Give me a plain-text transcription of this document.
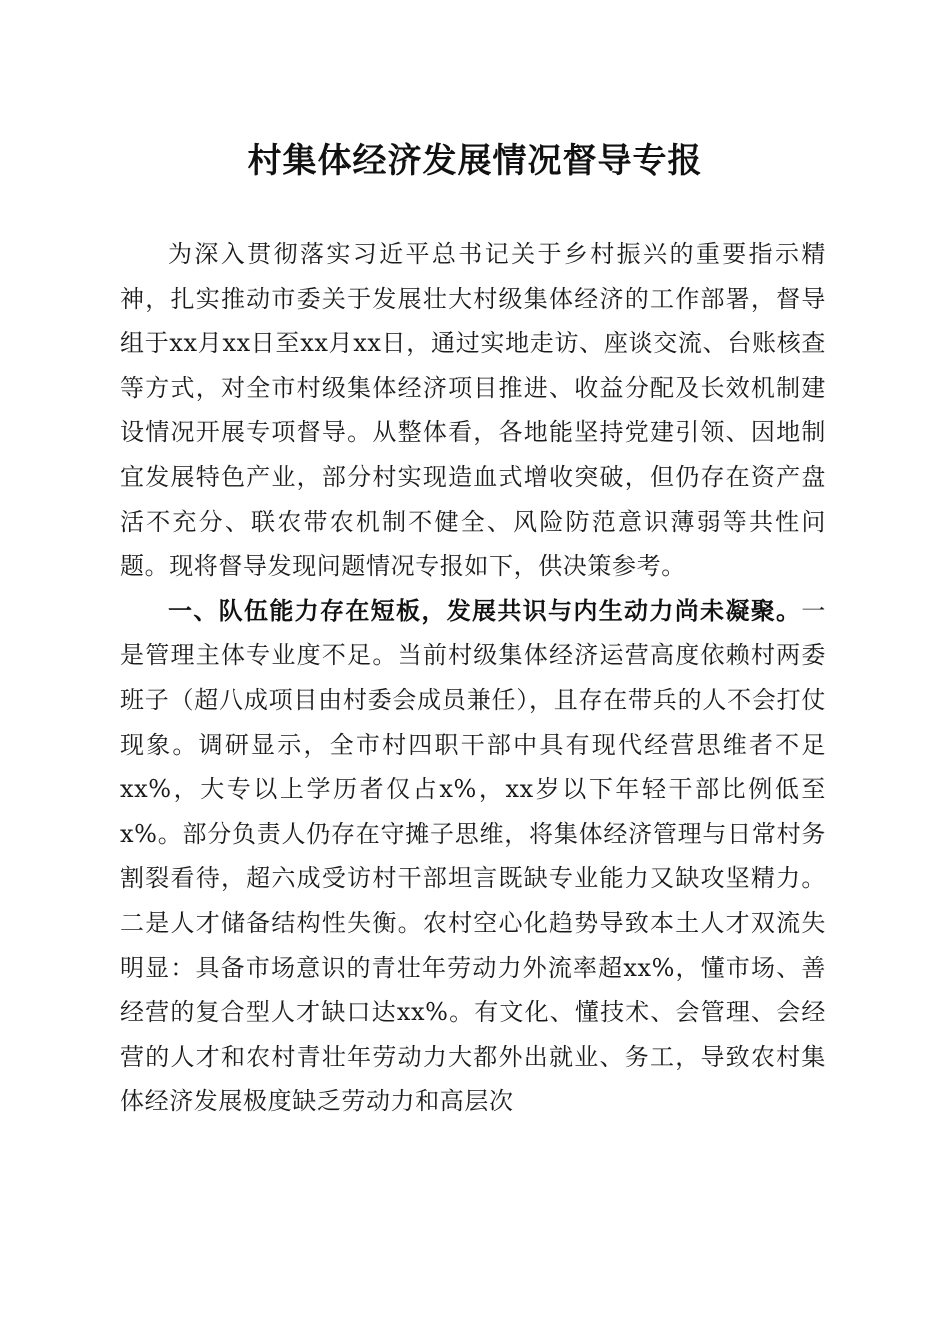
村集体经济发展情况督导专报

为深入贯彻落实习近平总书记关于乡村振兴的重要指示精神，扎实推动市委关于发展壮大村级集体经济的工作部署，督导组于xx月xx日至xx月xx日，通过实地走访、座谈交流、台账核查等方式，对全市村级集体经济项目推进、收益分配及长效机制建设情况开展专项督导。从整体看，各地能坚持党建引领、因地制宜发展特色产业，部分村实现造血式增收突破，但仍存在资产盘活不充分、联农带农机制不健全、风险防范意识薄弱等共性问题。现将督导发现问题情况专报如下，供决策参考。

一、队伍能力存在短板，发展共识与内生动力尚未凝聚。一是管理主体专业度不足。当前村级集体经济运营高度依赖村两委班子（超八成项目由村委会成员兼任），且存在带兵的人不会打仗现象。调研显示，全市村四职干部中具有现代经营思维者不足xx%，大专以上学历者仅占x%，xx岁以下年轻干部比例低至x%。部分负责人仍存在守摊子思维，将集体经济管理与日常村务割裂看待，超六成受访村干部坦言既缺专业能力又缺攻坚精力。二是人才储备结构性失衡。农村空心化趋势导致本土人才双流失明显：具备市场意识的青壮年劳动力外流率超xx%，懂市场、善经营的复合型人才缺口达xx%。有文化、懂技术、会管理、会经营的人才和农村青壮年劳动力大都外出就业、务工，导致农村集体经济发展极度缺乏劳动力和高层次
